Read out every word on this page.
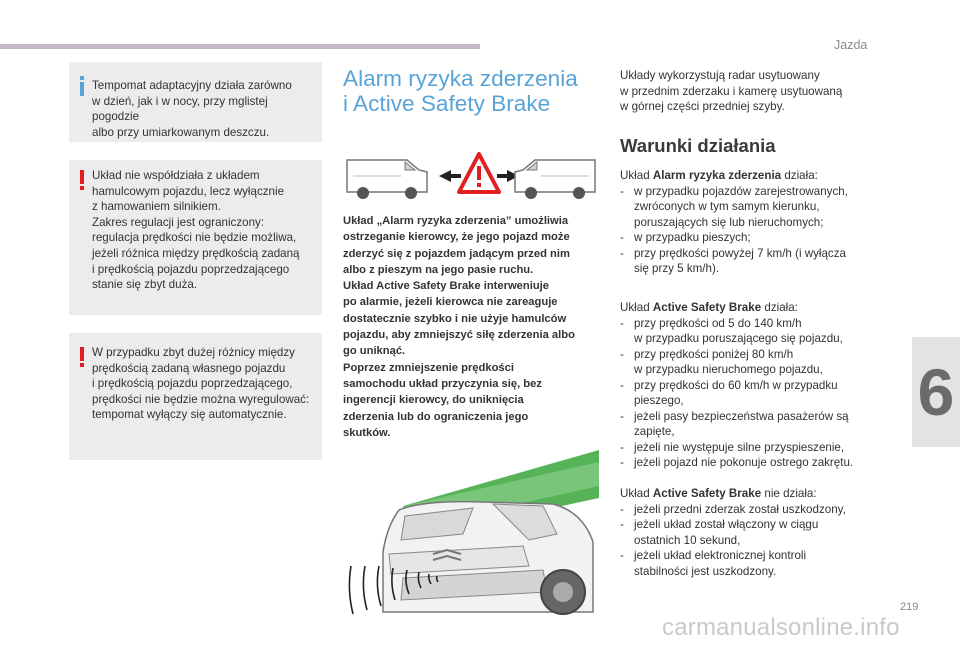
Jazda
6
Tempomat adaptacyjny działa zarówno
w dzień, jak i w nocy, przy mglistej pogodzie
albo przy umiarkowanym deszczu.
Układ nie współdziała z układem
hamulcowym pojazdu, lecz wyłącznie
z hamowaniem silnikiem.
Zakres regulacji jest ograniczony:
regulacja prędkości nie będzie możliwa,
jeżeli różnica między prędkością zadaną
i prędkością pojazdu poprzedzającego
stanie się zbyt duża.
W przypadku zbyt dużej różnicy między
prędkością zadaną własnego pojazdu
i prędkością pojazdu poprzedzającego,
prędkości nie będzie można wyregulować:
tempomat wyłączy się automatycznie.
Alarm ryzyka zderzenia
i Active Safety Brake
Układ „Alarm ryzyka zderzenia” umożliwia
ostrzeganie kierowcy, że jego pojazd może
zderzyć się z pojazdem jadącym przed nim
albo z pieszym na jego pasie ruchu.
Układ Active Safety Brake interweniuje
po alarmie, jeżeli kierowca nie zareaguje
dostatecznie szybko i nie użyje hamulców
pojazdu, aby zmniejszyć siłę zderzenia albo
go uniknąć.
Poprzez zmniejszenie prędkości
samochodu układ przyczynia się, bez
ingerencji kierowcy, do uniknięcia
zderzenia lub do ograniczenia jego
skutków.
Układy wykorzystują radar usytuowany
w przednim zderzaku i kamerę usytuowaną
w górnej części przedniej szyby.
Warunki działania
Układ Alarm ryzyka zderzenia działa:
- w przypadku pojazdów zarejestrowanych,
zwróconych w tym samym kierunku,
poruszających się lub nieruchomych;
- w przypadku pieszych;
- przy prędkości powyżej 7 km/h (i wyłącza
się przy 5 km/h).
Układ Active Safety Brake działa:
- przy prędkości od 5 do 140 km/h
w przypadku poruszającego się pojazdu,
- przy prędkości poniżej 80 km/h
w przypadku nieruchomego pojazdu,
- przy prędkości do 60 km/h w przypadku
pieszego,
- jeżeli pasy bezpieczeństwa pasażerów są
zapięte,
- jeżeli nie występuje silne przyspieszenie,
- jeżeli pojazd nie pokonuje ostrego zakrętu.
Układ Active Safety Brake nie działa:
- jeżeli przedni zderzak został uszkodzony,
- jeżeli układ został włączony w ciągu
ostatnich 10 sekund,
- jeżeli układ elektronicznej kontroli
stabilności jest uszkodzony.
219
carmanualsonline.info
